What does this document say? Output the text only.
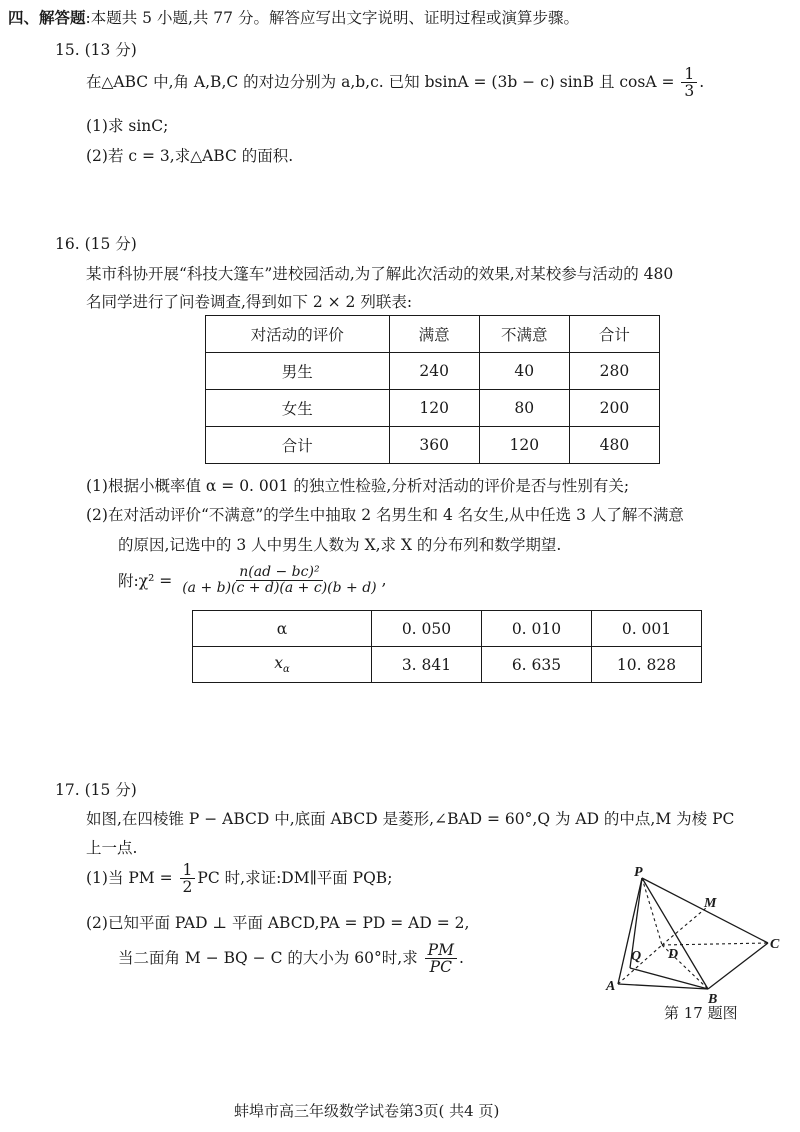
四、解答题:本题共 5 小题,共 77 分。解答应写出文字说明、证明过程或演算步骤。
15. (13 分)
在△ABC 中,角 A,B,C 的对边分别为 a,b,c. 已知 bsinA = (3b − c) sinB 且 $\cos A = \frac{1}{3}$ .
(1)求 sinC;
(2)若 c = 3,求△ABC 的面积.
16. (15 分)
某市科协开展“科技大篷车”进校园活动,为了解此次活动的效果,对某校参与活动的 480
名同学进行了问卷调查,得到如下 2 × 2 列联表:
对活动的评价	满意	不满意	合计
男生	240	40	280
女生	120	80	200
合计	360	120	480
(1)根据小概率值 α = 0. 001 的独立性检验,分析对活动的评价是否与性别有关;
(2)在对活动评价“不满意”的学生中抽取 2 名男生和 4 名女生,从中任选 3 人了解不满意
的原因,记选中的 3 人中男生人数为 X,求 X 的分布列和数学期望.
附:χ² = $\frac{\text{n(ad − bc)²}}{(a + b)(c + d)(a + c)(b + d)}$ ,
α	0. 050	0. 010	0. 001
$x_\alpha$	3. 841	6. 635	10. 828
17. (15 分)
如图,在四棱锥 P − ABCD 中,底面 ABCD 是菱形,∠BAD = 60°,Q 为 AD 的中点,M 为棱 PC
上一点.
(1)当 PM = $\frac{1}{2}$ PC 时,求证:DM∥平面 PQB;
(2)已知平面 PAD ⊥ 平面 ABCD,PA = PD = AD = 2,
当二面角 M − BQ − C 的大小为 60°时,求 $\frac{PM}{PC}$ .
P
M
C
D
Q
A
B
第 17 题图
蚌埠市高三年级数学试卷第3页( 共4 页)
